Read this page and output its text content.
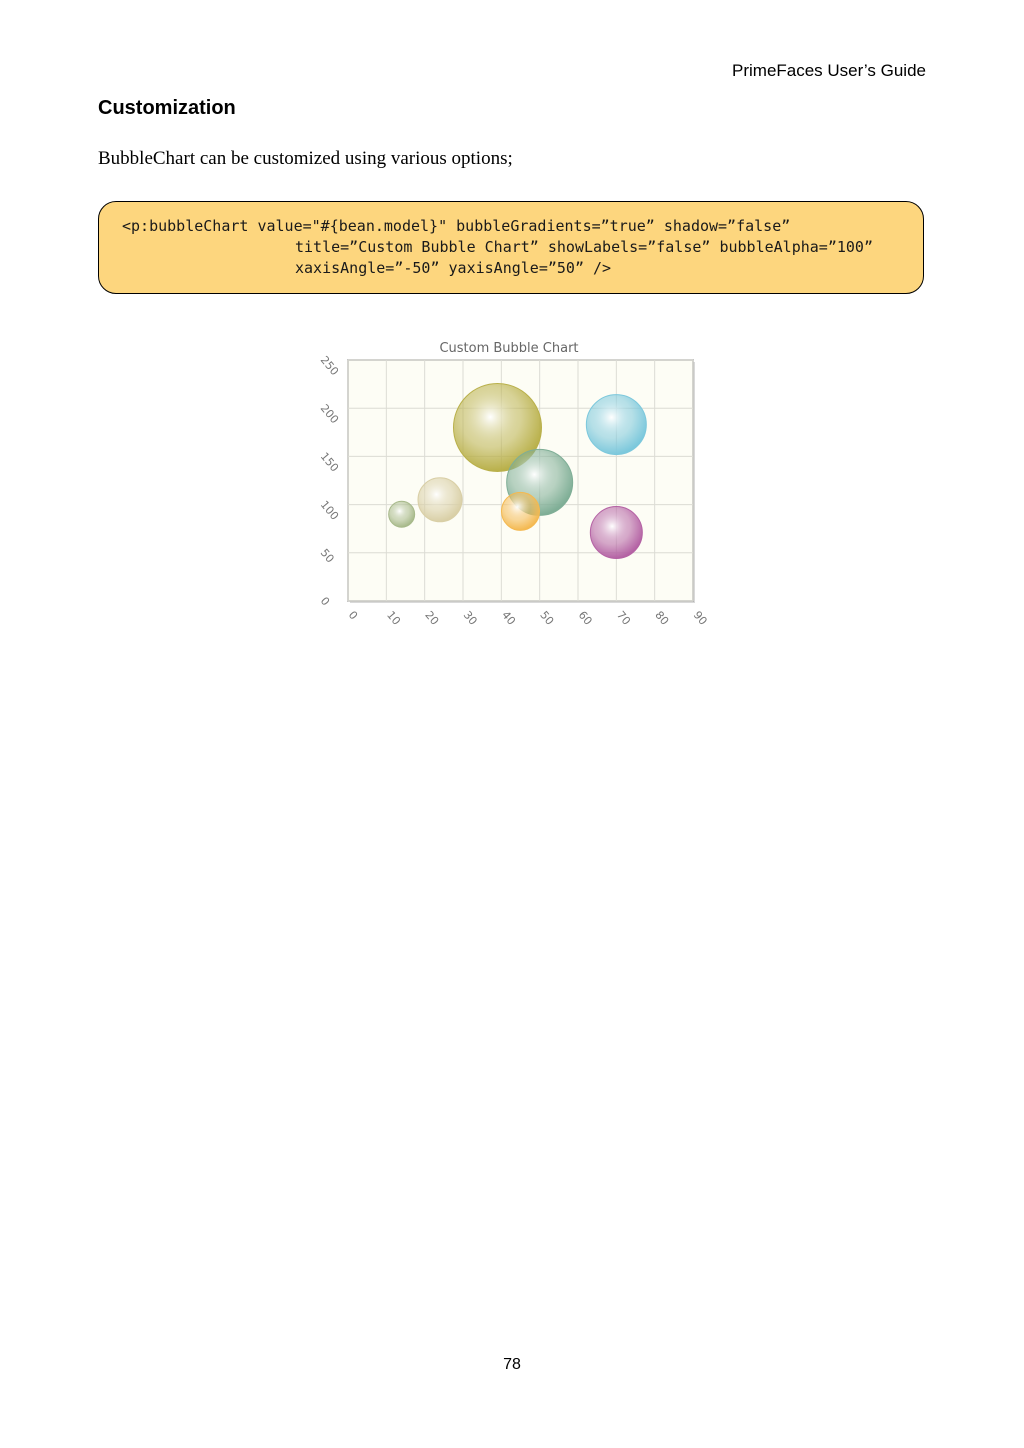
PrimeFaces User’s Guide
Customization

BubbleChart can be customized using various options;

<p:bubbleChart value="#{bean.model}" bubbleGradients=”true” shadow=”false”
title=”Custom Bubble Chart” showLabels=”false” bubbleAlpha=”100”
xaxisAngle=”-50” yaxisAngle=”50” />
Custom Bubble Chart
0 10 20 30 40 50 60 70 80 90
0
50
100
150
200
250
78
